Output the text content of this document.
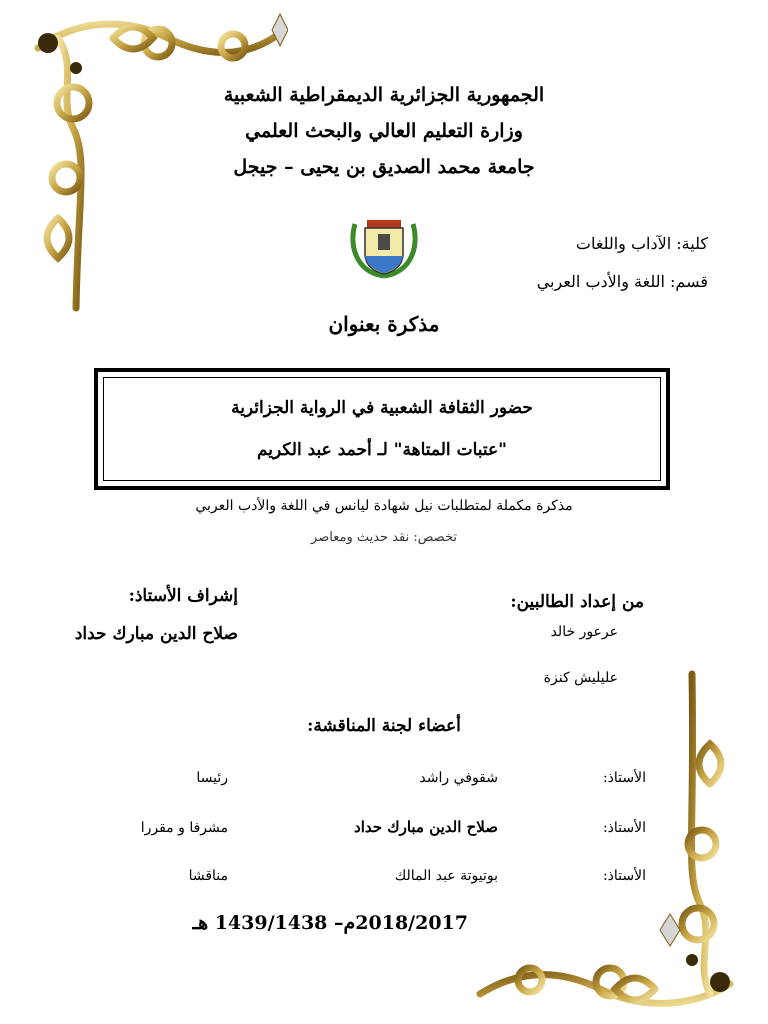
الجمهورية الجزائرية الديمقراطية الشعبية
وزارة التعليم العالي والبحث العلمي
جامعة محمد الصديق بن يحيى – جيجل
كلية: الآداب واللغات
قسم: اللغة والأدب العربي
مذكرة بعنوان
حضور الثقافة الشعبية في الرواية الجزائرية
"عتبات المتاهة" لـ أحمد عبد الكريم
مذكرة مكملة لمتطلبات نيل شهادة ليانس في اللغة والأدب العربي
تخصص: نقد حديث ومعاصر
من إعداد الطالبين:
عرعور خالد
عليليش كنزة
إشراف الأستاذ:
صلاح الدين مبارك حداد
أعضاء لجنة المناقشة:
الأستاذ:
شقوفي راشد
رئيسا
الأستاذ:
صلاح الدين مبارك حداد
مشرفا و مقررا
الأستاذ:
بوتيوتة عبد المالك
مناقشا
2018/2017م– 1439/1438 هـ
